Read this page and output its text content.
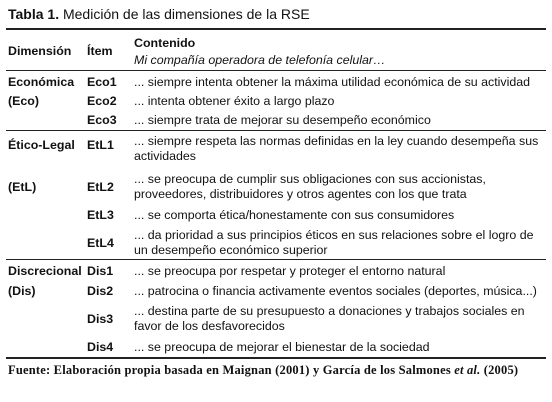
Tabla 1. Medición de las dimensiones de la RSE
Dimensión Ítem
Contenido
Mi compañía operadora de telefonía celular…
Económica
(Eco)
Eco1 ... siempre intenta obtener la máxima utilidad económica de su actividad
Eco2 ... intenta obtener éxito a largo plazo
Eco3 ... siempre trata de mejorar su desempeño económico
Ético-Legal
(EtL)
EtL1 ... siempre respeta las normas definidas en la ley cuando desempeña sus actividades
EtL2
... se preocupa de cumplir sus obligaciones con sus accionistas, proveedores, distribuidores y otros agentes con los que trata
EtL3 ... se comporta ética/honestamente con sus consumidores
EtL4
... da prioridad a sus principios éticos en sus relaciones sobre el logro de un desempeño económico superior
Discrecional
(Dis)
Dis1 ... se preocupa por respetar y proteger el entorno natural
Dis2 ... patrocina o financia activamente eventos sociales (deportes, música...)
Dis3
... destina parte de su presupuesto a donaciones y trabajos sociales en favor de los desfavorecidos
Dis4 ... se preocupa de mejorar el bienestar de la sociedad
Fuente: Elaboración propia basada en Maignan (2001) y García de los Salmones et al. (2005)
